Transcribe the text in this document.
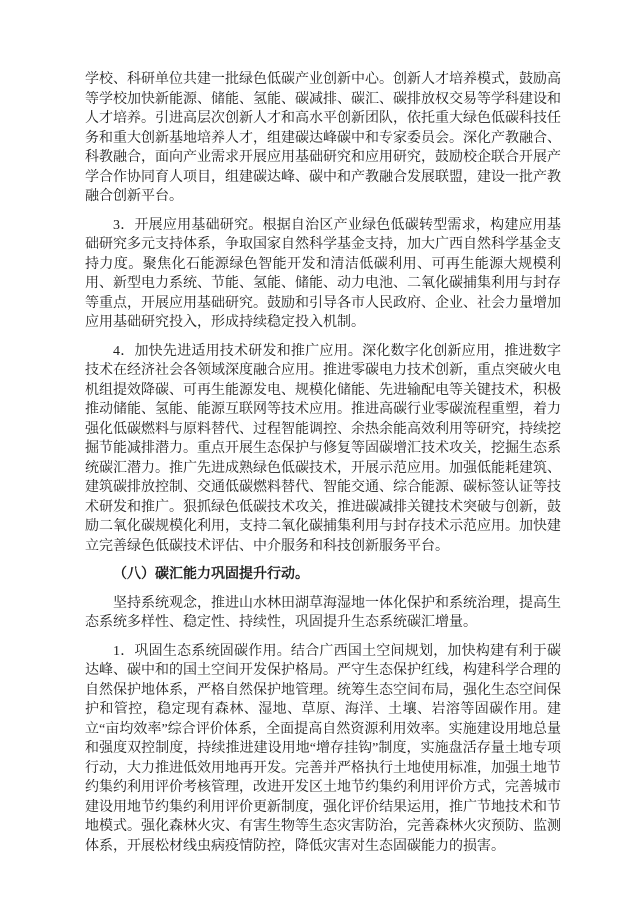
学校、科研单位共建一批绿色低碳产业创新中心。创新人才培养模式，鼓励高等学校加快新能源、储能、氢能、碳减排、碳汇、碳排放权交易等学科建设和人才培养。引进高层次创新人才和高水平创新团队，依托重大绿色低碳科技任务和重大创新基地培养人才，组建碳达峰碳中和专家委员会。深化产教融合、科教融合，面向产业需求开展应用基础研究和应用研究，鼓励校企联合开展产学合作协同育人项目，组建碳达峰、碳中和产教融合发展联盟，建设一批产教融合创新平台。

3．开展应用基础研究。根据自治区产业绿色低碳转型需求，构建应用基础研究多元支持体系，争取国家自然科学基金支持，加大广西自然科学基金支持力度。聚焦化石能源绿色智能开发和清洁低碳利用、可再生能源大规模利用、新型电力系统、节能、氢能、储能、动力电池、二氧化碳捕集利用与封存等重点，开展应用基础研究。鼓励和引导各市人民政府、企业、社会力量增加应用基础研究投入，形成持续稳定投入机制。

4．加快先进适用技术研发和推广应用。深化数字化创新应用，推进数字技术在经济社会各领域深度融合应用。推进零碳电力技术创新，重点突破火电机组提效降碳、可再生能源发电、规模化储能、先进输配电等关键技术，积极推动储能、氢能、能源互联网等技术应用。推进高碳行业零碳流程重塑，着力强化低碳燃料与原料替代、过程智能调控、余热余能高效利用等研究，持续挖掘节能减排潜力。重点开展生态保护与修复等固碳增汇技术攻关，挖掘生态系统碳汇潜力。推广先进成熟绿色低碳技术，开展示范应用。加强低能耗建筑、建筑碳排放控制、交通低碳燃料替代、智能交通、综合能源、碳标签认证等技术研发和推广。狠抓绿色低碳技术攻关，推进碳减排关键技术突破与创新，鼓励二氧化碳规模化利用，支持二氧化碳捕集利用与封存技术示范应用。加快建立完善绿色低碳技术评估、中介服务和科技创新服务平台。

（八）碳汇能力巩固提升行动。

坚持系统观念，推进山水林田湖草海湿地一体化保护和系统治理，提高生态系统多样性、稳定性、持续性，巩固提升生态系统碳汇增量。

1．巩固生态系统固碳作用。结合广西国土空间规划，加快构建有利于碳达峰、碳中和的国土空间开发保护格局。严守生态保护红线，构建科学合理的自然保护地体系，严格自然保护地管理。统筹生态空间布局，强化生态空间保护和管控，稳定现有森林、湿地、草原、海洋、土壤、岩溶等固碳作用。建立“亩均效率”综合评价体系，全面提高自然资源利用效率。实施建设用地总量和强度双控制度，持续推进建设用地“增存挂钩”制度，实施盘活存量土地专项行动，大力推进低效用地再开发。完善并严格执行土地使用标准，加强土地节约集约利用评价考核管理，改进开发区土地节约集约利用评价方式，完善城市建设用地节约集约利用评价更新制度，强化评价结果运用，推广节地技术和节地模式。强化森林火灾、有害生物等生态灾害防治，完善森林火灾预防、监测体系，开展松材线虫病疫情防控，降低灾害对生态固碳能力的损害。
